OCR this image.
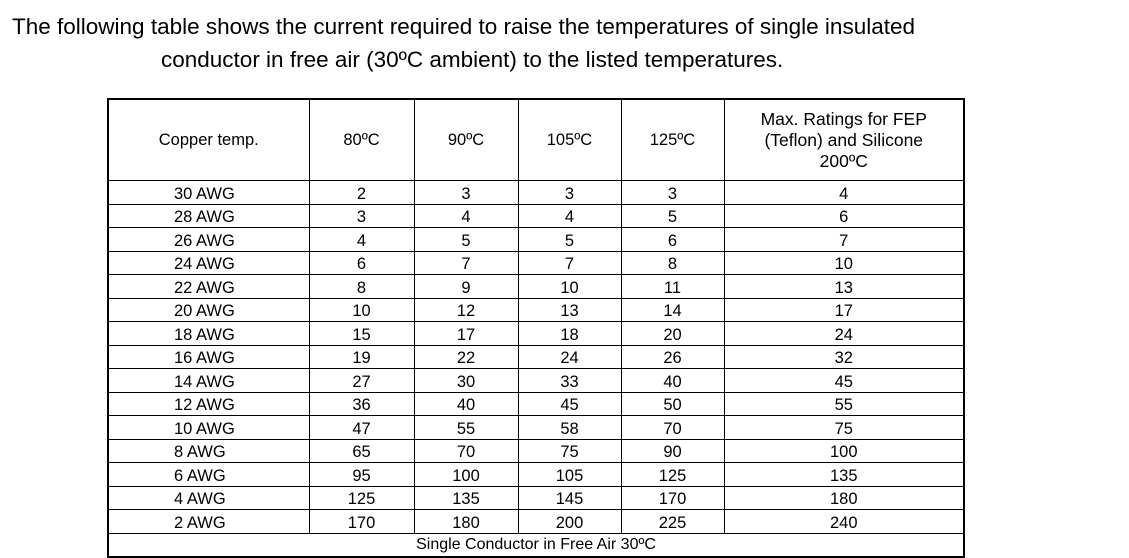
The following table shows the current required to raise the temperatures of single insulated
conductor in free air (30ºC ambient) to the listed temperatures.
Copper temp.	80ºC	90ºC	105ºC	125ºC	Max. Ratings for FEP
(Teflon) and Silicone
200ºC

30 AWG	2	3	3	3	4
28 AWG	3	4	4	5	6
26 AWG	4	5	5	6	7
24 AWG	6	7	7	8	10
22 AWG	8	9	10	11	13
20 AWG	10	12	13	14	17
18 AWG	15	17	18	20	24
16 AWG	19	22	24	26	32
14 AWG	27	30	33	40	45
12 AWG	36	40	45	50	55
10 AWG	47	55	58	70	75
8 AWG	65	70	75	90	100
6 AWG	95	100	105	125	135
4 AWG	125	135	145	170	180
2 AWG	170	180	200	225	240
Single Conductor in Free Air 30ºC					
